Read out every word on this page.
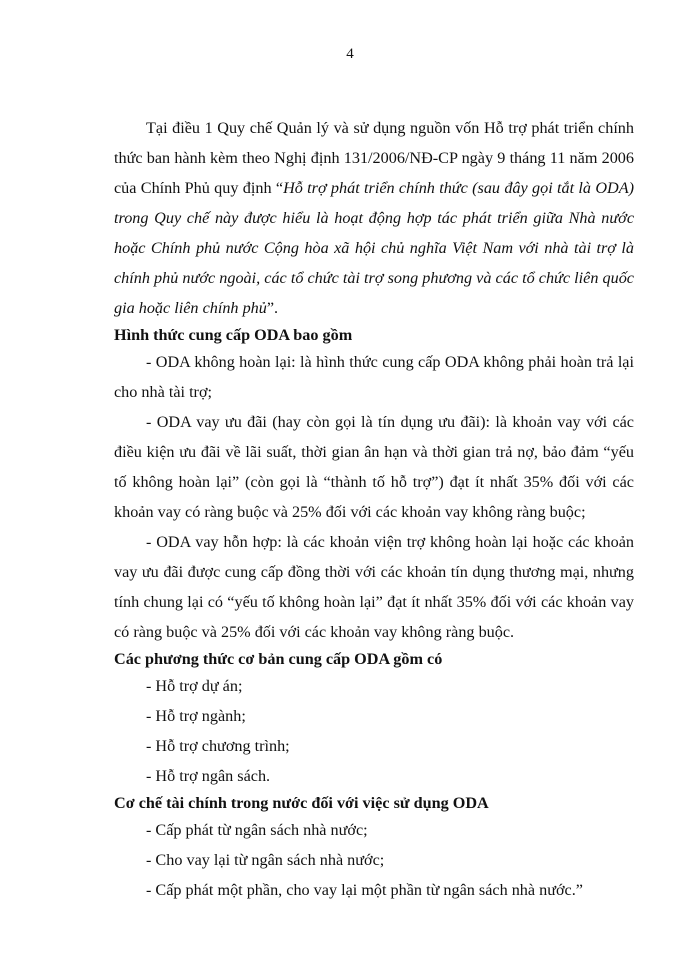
4

Tại điều 1 Quy chế Quản lý và sử dụng nguồn vốn Hỗ trợ phát triển chính thức ban hành kèm theo Nghị định 131/2006/NĐ-CP ngày 9 tháng 11 năm 2006 của Chính Phủ quy định “Hỗ trợ phát triển chính thức (sau đây gọi tắt là ODA) trong Quy chế này được hiểu là hoạt động hợp tác phát triển giữa Nhà nước hoặc Chính phủ nước Cộng hòa xã hội chủ nghĩa Việt Nam với nhà tài trợ là chính phủ nước ngoài, các tổ chức tài trợ song phương và các tổ chức liên quốc gia hoặc liên chính phủ”.

Hình thức cung cấp ODA bao gồm

- ODA không hoàn lại: là hình thức cung cấp ODA không phải hoàn trả lại cho nhà tài trợ;

- ODA vay ưu đãi (hay còn gọi là tín dụng ưu đãi): là khoản vay với các điều kiện ưu đãi về lãi suất, thời gian ân hạn và thời gian trả nợ, bảo đảm “yếu tố không hoàn lại” (còn gọi là “thành tố hỗ trợ”) đạt ít nhất 35% đối với các khoản vay có ràng buộc và 25% đối với các khoản vay không ràng buộc;

- ODA vay hỗn hợp: là các khoản viện trợ không hoàn lại hoặc các khoản vay ưu đãi được cung cấp đồng thời với các khoản tín dụng thương mại, nhưng tính chung lại có “yếu tố không hoàn lại” đạt ít nhất 35% đối với các khoản vay có ràng buộc và 25% đối với các khoản vay không ràng buộc.

Các phương thức cơ bản cung cấp ODA gồm có

- Hỗ trợ dự án;

- Hỗ trợ ngành;

- Hỗ trợ chương trình;

- Hỗ trợ ngân sách.

Cơ chế tài chính trong nước đối với việc sử dụng ODA

- Cấp phát từ ngân sách nhà nước;

- Cho vay lại từ ngân sách nhà nước;

- Cấp phát một phần, cho vay lại một phần từ ngân sách nhà nước.”
